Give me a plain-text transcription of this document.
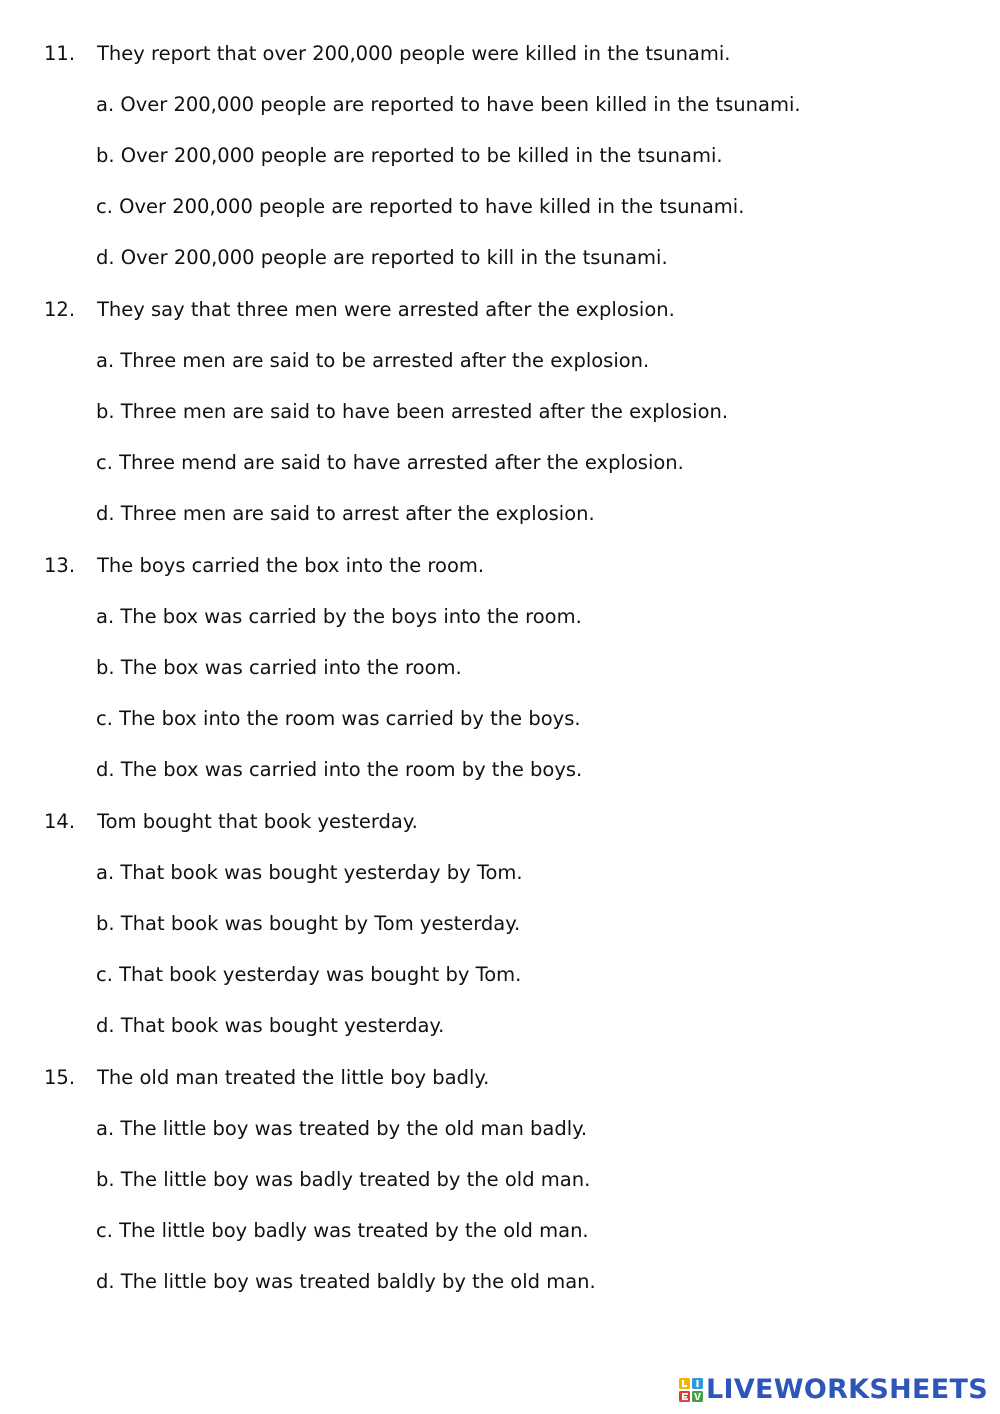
11. They report that over 200,000 people were killed in the tsunami.
a. Over 200,000 people are reported to have been killed in the tsunami.
b. Over 200,000 people are reported to be killed in the tsunami.
c. Over 200,000 people are reported to have killed in the tsunami.
d. Over 200,000 people are reported to kill in the tsunami.
12. They say that three men were arrested after the explosion.
a. Three men are said to be arrested after the explosion.
b. Three men are said to have been arrested after the explosion.
c. Three mend are said to have arrested after the explosion.
d. Three men are said to arrest after the explosion.
13. The boys carried the box into the room.
a. The box was carried by the boys into the room.
b. The box was carried into the room.
c. The box into the room was carried by the boys.
d. The box was carried into the room by the boys.
14. Tom bought that book yesterday.
a. That book was bought yesterday by Tom.
b. That book was bought by Tom yesterday.
c. That book yesterday was bought by Tom.
d. That book was bought yesterday.
15. The old man treated the little boy badly.
a. The little boy was treated by the old man badly.
b. The little boy was badly treated by the old man.
c. The little boy badly was treated by the old man.
d. The little boy was treated baldly by the old man.
LIVEWORKSHEETS
